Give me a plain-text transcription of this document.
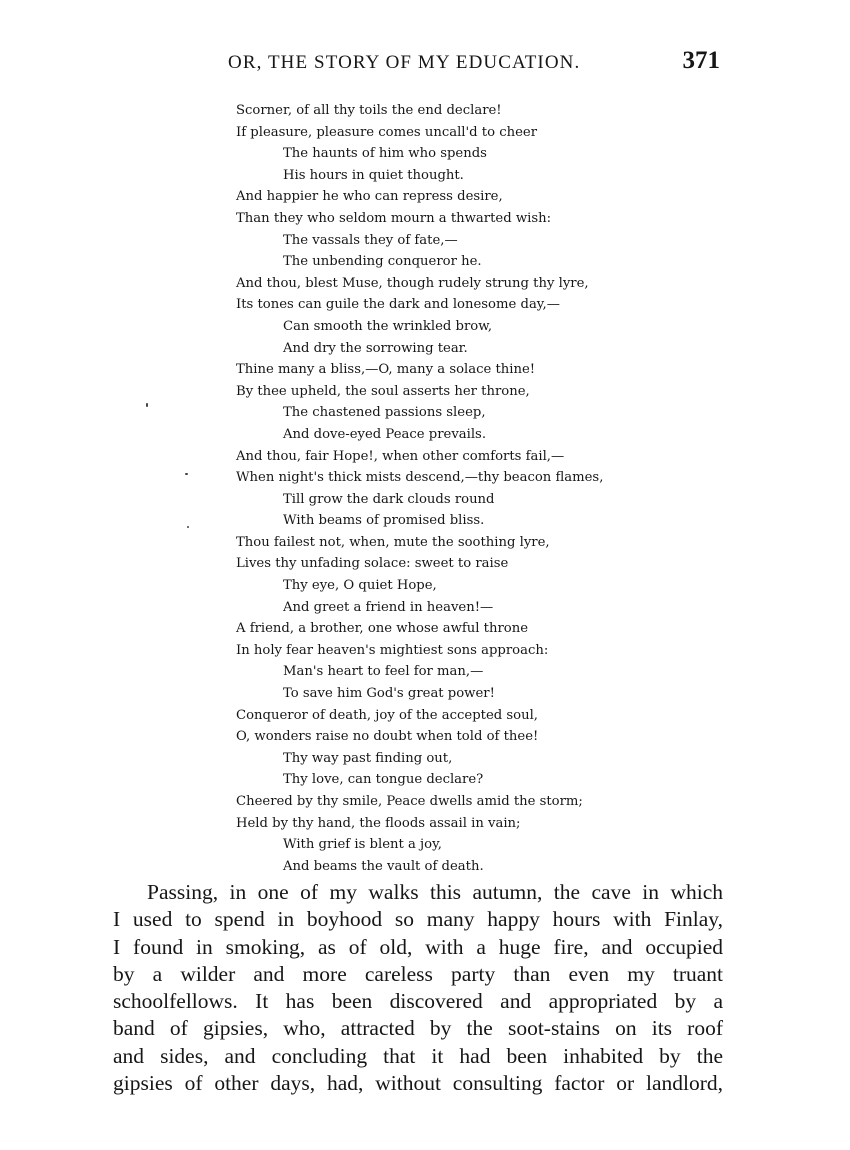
OR, THE STORY OF MY EDUCATION.	371
Scorner, of all thy toils the end declare!
If pleasure, pleasure comes uncall'd to cheer
The haunts of him who spends
His hours in quiet thought.
And happier he who can repress desire,
Than they who seldom mourn a thwarted wish:
The vassals they of fate,—
The unbending conqueror he.
And thou, blest Muse, though rudely strung thy lyre,
Its tones can guile the dark and lonesome day,—
Can smooth the wrinkled brow,
And dry the sorrowing tear.
Thine many a bliss,—O, many a solace thine!
By thee upheld, the soul asserts her throne,
The chastened passions sleep,
And dove-eyed Peace prevails.
And thou, fair Hope!, when other comforts fail,—
When night's thick mists descend,—thy beacon flames,
Till grow the dark clouds round
With beams of promised bliss.
Thou failest not, when, mute the soothing lyre,
Lives thy unfading solace: sweet to raise
Thy eye, O quiet Hope,
And greet a friend in heaven!—
A friend, a brother, one whose awful throne
In holy fear heaven's mightiest sons approach:
Man's heart to feel for man,—
To save him God's great power!
Conqueror of death, joy of the accepted soul,
O, wonders raise no doubt when told of thee!
Thy way past finding out,
Thy love, can tongue declare?
Cheered by thy smile, Peace dwells amid the storm;
Held by thy hand, the floods assail in vain;
With grief is blent a joy,
And beams the vault of death.
Passing, in one of my walks this autumn, the cave in which
I used to spend in boyhood so many happy hours with Finlay,
I found in smoking, as of old, with a huge fire, and occupied
by a wilder and more careless party than even my truant
schoolfellows. It has been discovered and appropriated by a
band of gipsies, who, attracted by the soot-stains on its roof
and sides, and concluding that it had been inhabited by the
gipsies of other days, had, without consulting factor or landlord,
